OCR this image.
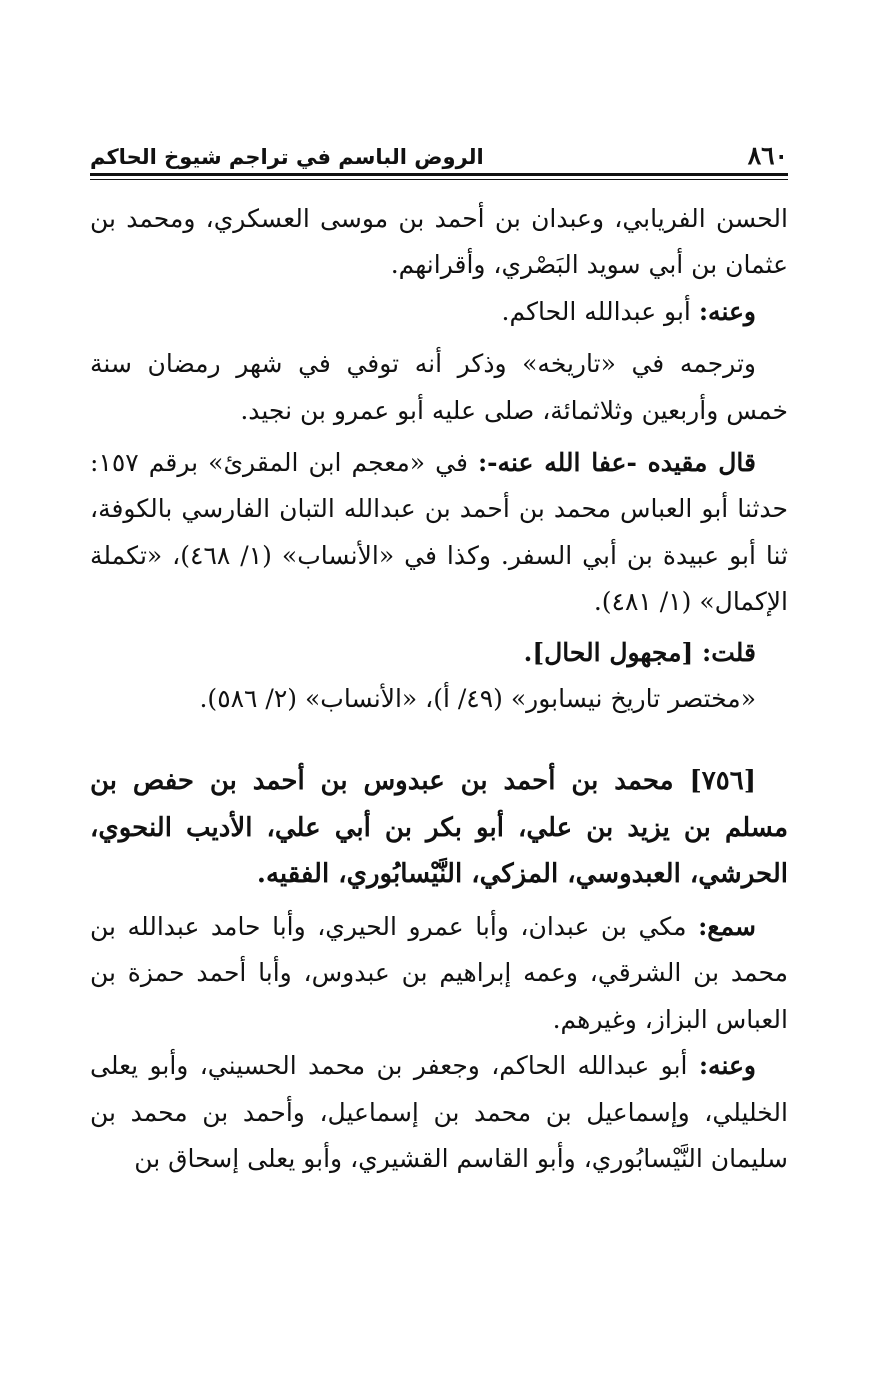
٨٦٠
الروض الباسم في تراجم شيوخ الحاكم

الحسن الفريابي، وعبدان بن أحمد بن موسى العسكري، ومحمد بن عثمان بن أبي سويد البَصْري، وأقرانهم.

وعنه: أبو عبدالله الحاكم.

وترجمه في «تاريخه» وذكر أنه توفي في شهر رمضان سنة خمس وأربعين وثلاثمائة، صلى عليه أبو عمرو بن نجيد.

قال مقيده -عفا الله عنه-: في «معجم ابن المقرئ» برقم ١٥٧: حدثنا أبو العباس محمد بن أحمد بن عبدالله التبان الفارسي بالكوفة، ثنا أبو عبيدة بن أبي السفر. وكذا في «الأنساب» (١/ ٤٦٨)، «تكملة الإكمال» (١/ ٤٨١).

قلت: [مجهول الحال].

«مختصر تاريخ نيسابور» (٤٩/ أ)، «الأنساب» (٢/ ٥٨٦).

[٧٥٦] محمد بن أحمد بن عبدوس بن أحمد بن حفص بن مسلم بن يزيد بن علي، أبو بكر بن أبي علي، الأديب النحوي، الحرشي، العبدوسي، المزكي، النَّيْسابُوري، الفقيه.

سمع: مكي بن عبدان، وأبا عمرو الحيري، وأبا حامد عبدالله بن محمد بن الشرقي، وعمه إبراهيم بن عبدوس، وأبا أحمد حمزة بن العباس البزاز، وغيرهم.

وعنه: أبو عبدالله الحاكم، وجعفر بن محمد الحسيني، وأبو يعلى الخليلي، وإسماعيل بن محمد بن إسماعيل، وأحمد بن محمد بن سليمان النَّيْسابُوري، وأبو القاسم القشيري، وأبو يعلى إسحاق بن
